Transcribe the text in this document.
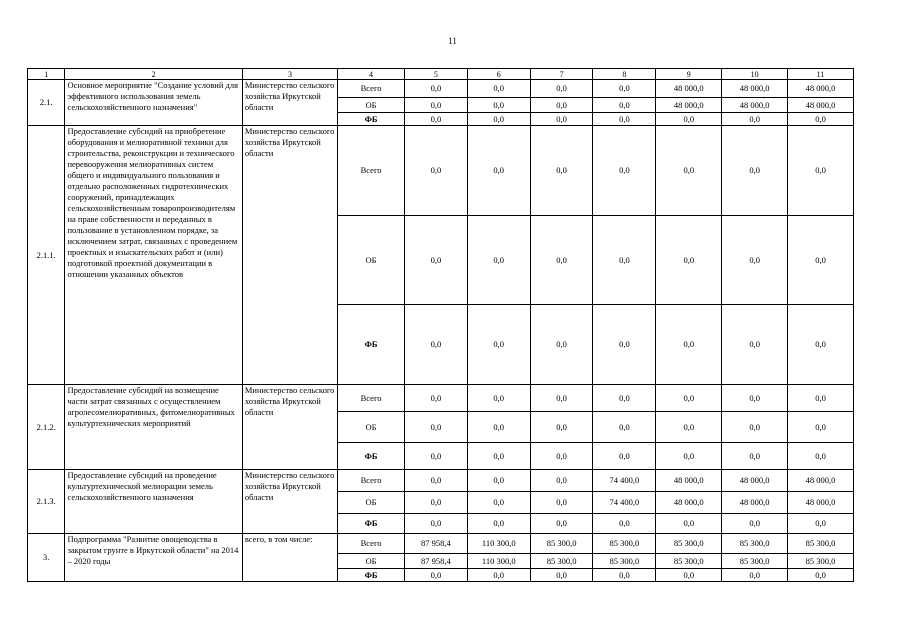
11
1	2	3	4	5	6	7	8	9	10	11
2.1.	Основное мероприятие "Создание условий для эффективного использования земель сельскохозяйственного назначения"	Министерство сельского хозяйства Иркутской области	Всего	0,0	0,0	0,0	0,0	48 000,0	48 000,0	48 000,0
			ОБ	0,0	0,0	0,0	0,0	48 000,0	48 000,0	48 000,0
			ФБ	0,0	0,0	0,0	0,0	0,0	0,0	0,0
2.1.1.	Предоставление субсидий на приобретение оборудования и мелиоративной техники для строительства, реконструкции и технического перевооружения мелиоративных систем общего и индивидуального пользования и отдельно расположенных гидротехнических сооружений, принадлежащих сельскохозяйственным товаропроизводителям на праве собственности и переданных в пользование в установленном порядке, за исключением затрат, связанных с проведением проектных и изыскательских работ и (или) подготовкой проектной документации в отношении указанных объектов	Министерство сельского хозяйства Иркутской области	Всего	0,0	0,0	0,0	0,0	0,0	0,0	0,0
			ОБ	0,0	0,0	0,0	0,0	0,0	0,0	0,0
			ФБ	0,0	0,0	0,0	0,0	0,0	0,0	0,0
2.1.2.	Предоставление субсидий на возмещение части затрат связанных с осуществлением агролесомелиоративных, фитомелиоративных культуртехнических мероприятий	Министерство сельского хозяйства Иркутской области	Всего	0,0	0,0	0,0	0,0	0,0	0,0	0,0
			ОБ	0,0	0,0	0,0	0,0	0,0	0,0	0,0
			ФБ	0,0	0,0	0,0	0,0	0,0	0,0	0,0
2.1.3.	Предоставление субсидий на проведение культуртехнической мелиорации земель сельскохозяйственного назначения	Министерство сельского хозяйства Иркутской области	Всего	0,0	0,0	0,0	74 400,0	48 000,0	48 000,0	48 000,0
			ОБ	0,0	0,0	0,0	74 400,0	48 000,0	48 000,0	48 000,0
			ФБ	0,0	0,0	0,0	0,0	0,0	0,0	0,0
3.	Подпрограмма "Развитие овощеводства в закрытом грунте в Иркутской области" на 2014 – 2020 годы	всего, в том числе:	Всего	87 958,4	110 300,0	85 300,0	85 300,0	85 300,0	85 300,0	85 300,0
			ОБ	87 958,4	110 300,0	85 300,0	85 300,0	85 300,0	85 300,0	85 300,0
			ФБ	0,0	0,0	0,0	0,0	0,0	0,0	0,0
